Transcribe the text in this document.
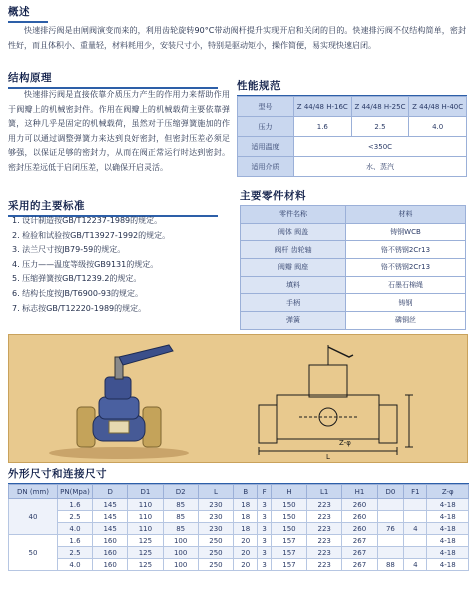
概述
快速排污阀是由闸阀演变而来的，利用齿轮旋转90°C带动阀杆提升实现开启和关闭的目的。快速排污阀不仅结构简单，密封性好，而且体积小、重量轻，材料耗用少，安装尺寸小，特别是驱动矩小，操作简便，易实现快速启闭。
结构原理
快速排污阀是直接依靠介质压力产生的作用力来帮助作用于阀瓣上的机械密封件。作用在阀瓣上的机械载荷主要依靠弹簧，这种几乎是固定的机械载荷，虽然对于压缩弹簧施加的作用力可以通过调整弹簧力来达到良好密封，但密封压差必须足够强，以保证足够的密封力，从而在阀正常运行时达到密封。密封压差远低于启闭压差，以确保开启灵活。
采用的主要标准
1. 设计制造按GB/T12237-1989的规定。
2. 检验和试验按GB/T13927-1992的规定。
3. 法兰尺寸按JB79-59的规定。
4. 压力——温度等级按GB9131的规定。
5. 压缩弹簧按GB/T1239.2的规定。
6. 结构长度按JB/T6900-93的规定。
7. 标志按GB/T12220-1989的规定。
性能规范
型号	Z 44/48 H-16C	Z 44/48 H-25C	Z 44/48 H-40C
压力	1.6	2.5	4.0
适用温度	<350C		
适用介质	水、蒸汽		
主要零件材料
零件名称	材料
阀体 阀盖	铸钢WCB
阀杆 齿轮轴	铬不锈钢2Cr13
阀瓣 阀座	铬不锈钢2Cr13
填料	石墨石棉绳
手柄	铸钢
弹簧	磷铜丝
L
Z-φ
外形尺寸和连接尺寸
DN (mm)	PN(Mpa)	D	D1	D2	L	B	F	H	L1	H1	D0	F1	Z-φ
40	1.6	145	110	85	230	18	3	150	223	260			4-18
	2.5	145	110	85	230	18	3	150	223	260			4-18
	4.0	145	110	85	230	18	3	150	223	260	76	4	4-18
50	1.6	160	125	100	250	20	3	157	223	267			4-18
	2.5	160	125	100	250	20	3	157	223	267			4-18
	4.0	160	125	100	250	20	3	157	223	267	88	4	4-18
